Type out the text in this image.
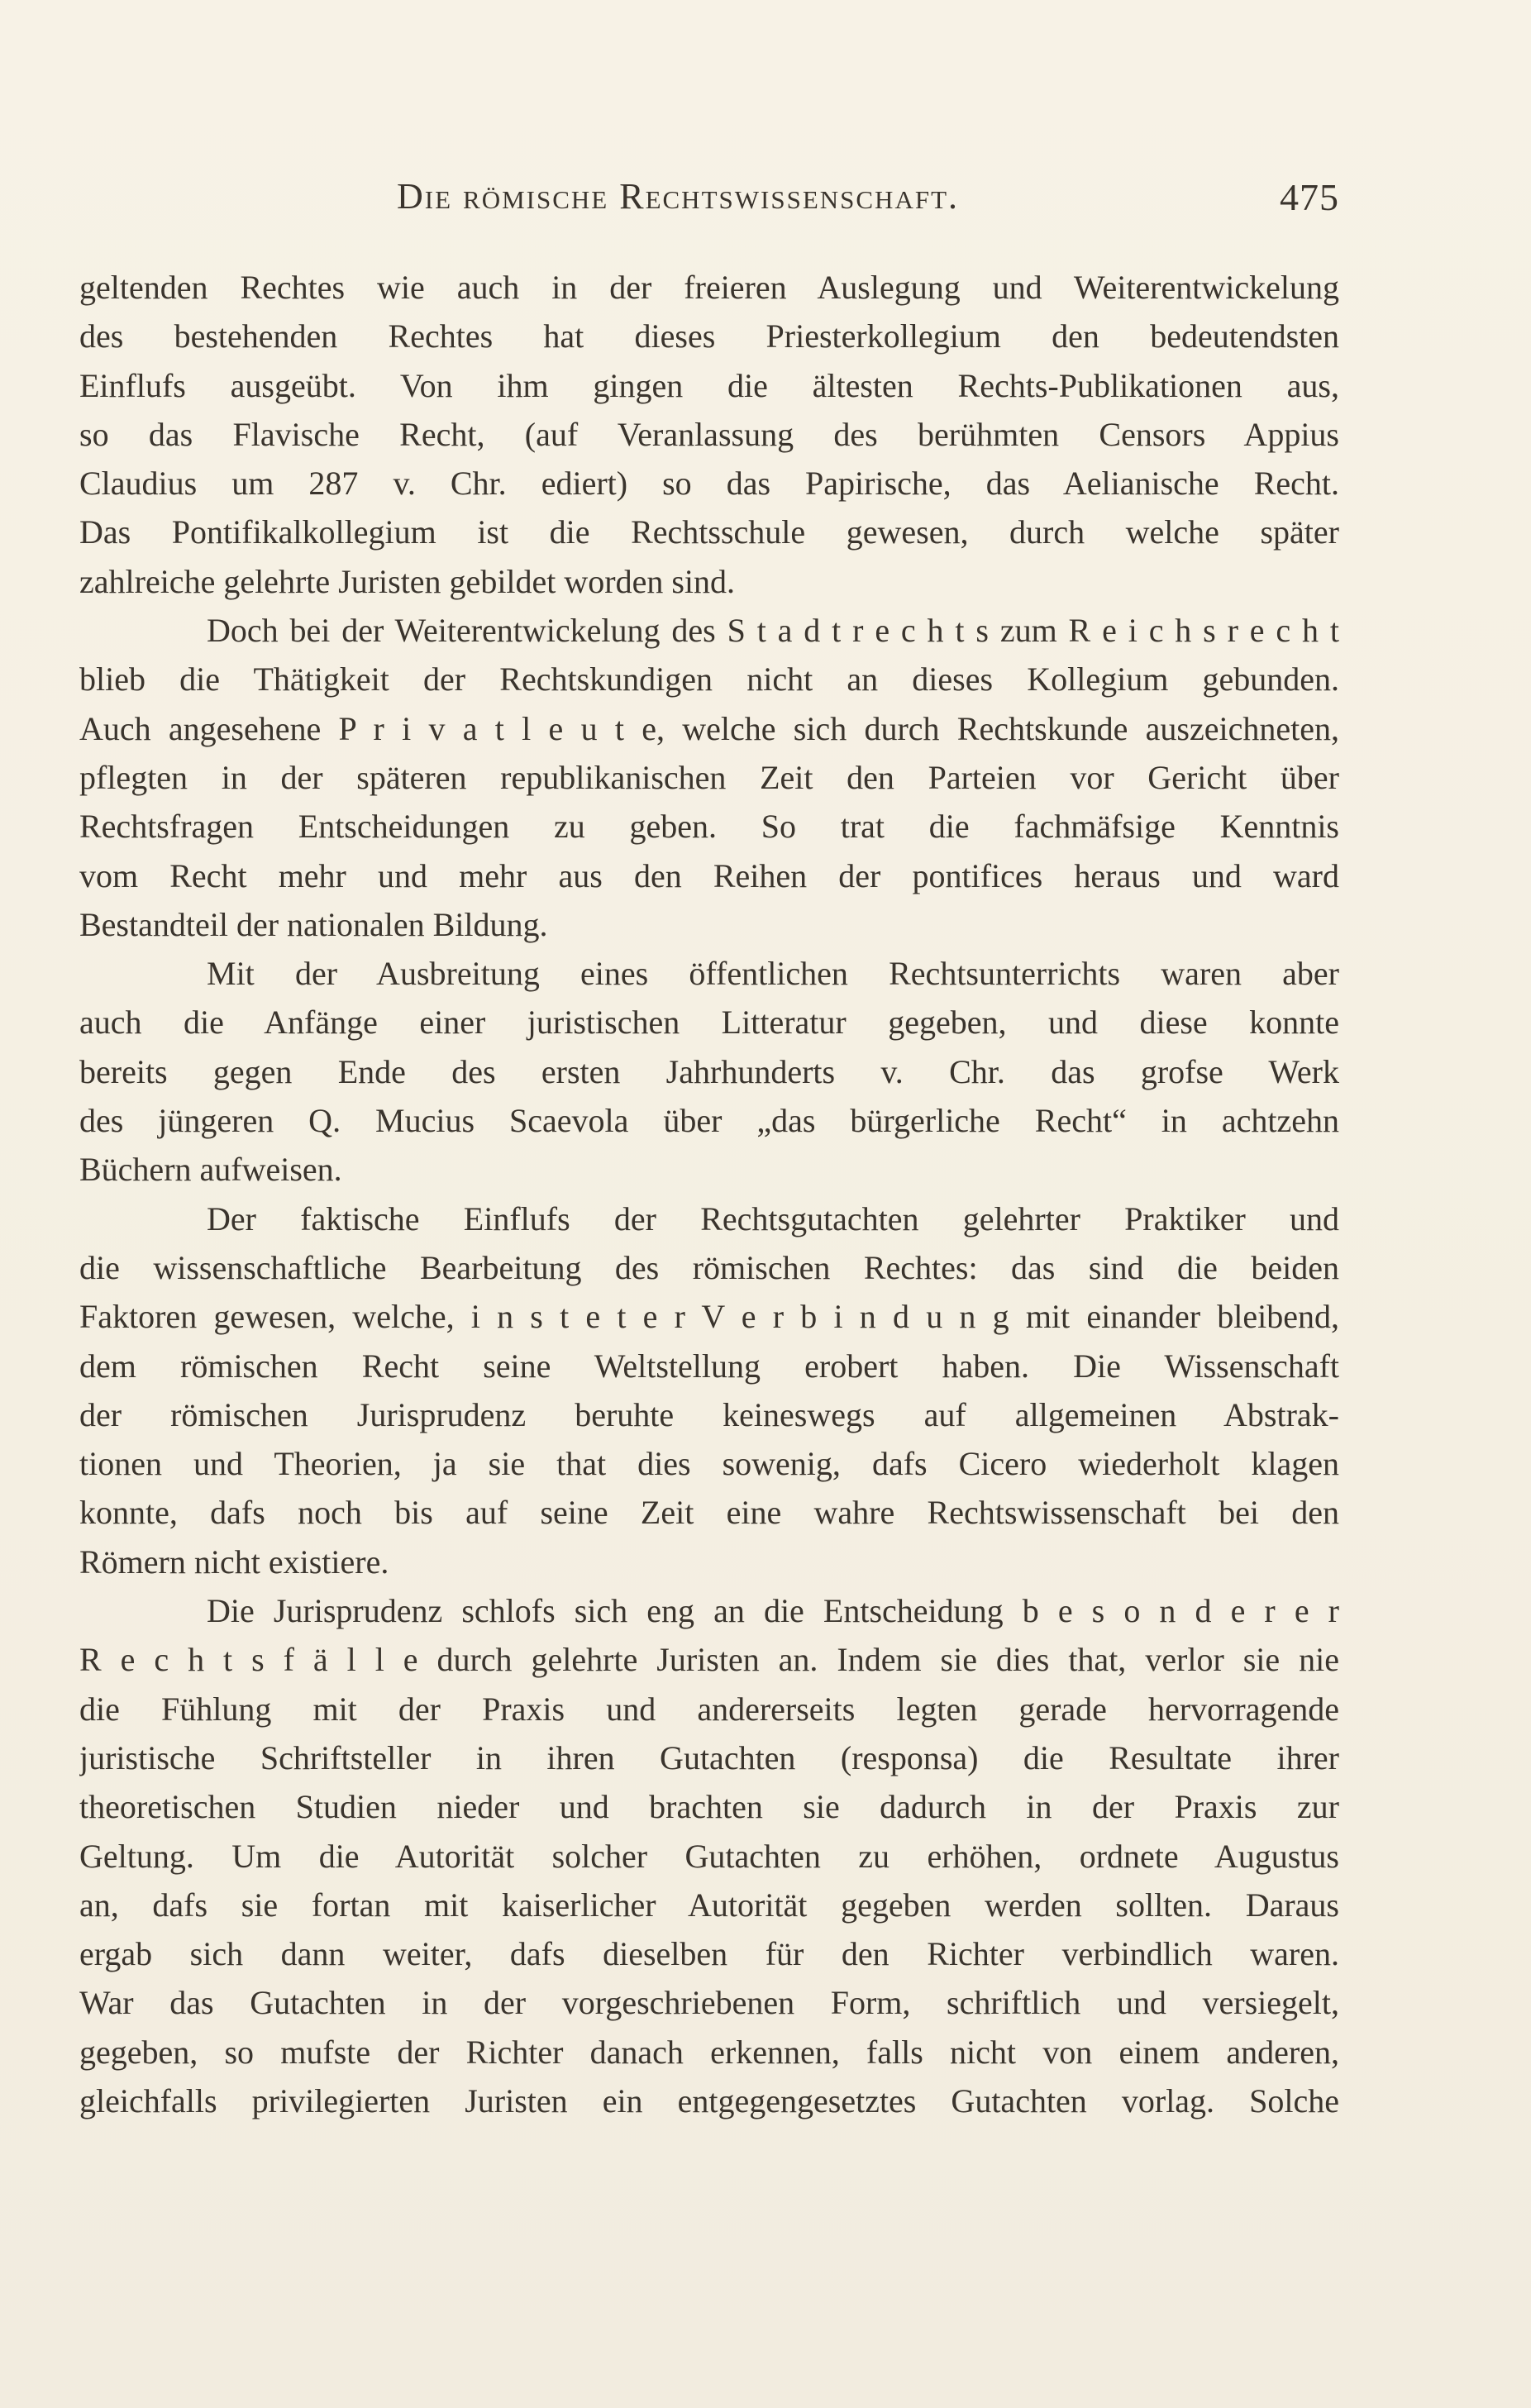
Die römische Rechtswissenschaft.	475
geltenden Rechtes wie auch in der freieren Auslegung und Weiterentwickelung
des bestehenden Rechtes hat dieses Priesterkollegium den bedeutendsten
Einflufs ausgeübt. Von ihm gingen die ältesten Rechts-Publikationen aus,
so das Flavische Recht, (auf Veranlassung des berühmten Censors Appius
Claudius um 287 v. Chr. ediert) so das Papirische, das Aelianische Recht.
Das Pontifikalkollegium ist die Rechtsschule gewesen, durch welche später
zahlreiche gelehrte Juristen gebildet worden sind.
Doch bei der Weiterentwickelung des S t a d t r e c h t s zum R e i c h s r e c h t
blieb die Thätigkeit der Rechtskundigen nicht an dieses Kollegium gebunden.
Auch angesehene P r i v a t l e u t e, welche sich durch Rechtskunde auszeichneten,
pflegten in der späteren republikanischen Zeit den Parteien vor Gericht über
Rechtsfragen Entscheidungen zu geben. So trat die fachmäfsige Kenntnis
vom Recht mehr und mehr aus den Reihen der pontifices heraus und ward
Bestandteil der nationalen Bildung.
Mit der Ausbreitung eines öffentlichen Rechtsunterrichts waren aber
auch die Anfänge einer juristischen Litteratur gegeben, und diese konnte
bereits gegen Ende des ersten Jahrhunderts v. Chr. das grofse Werk
des jüngeren Q. Mucius Scaevola über „das bürgerliche Recht“ in achtzehn
Büchern aufweisen.
Der faktische Einflufs der Rechtsgutachten gelehrter Praktiker und
die wissenschaftliche Bearbeitung des römischen Rechtes: das sind die beiden
Faktoren gewesen, welche, i n s t e t e r V e r b i n d u n g mit einander bleibend,
dem römischen Recht seine Weltstellung erobert haben. Die Wissenschaft
der römischen Jurisprudenz beruhte keineswegs auf allgemeinen Abstrak-
tionen und Theorien, ja sie that dies sowenig, dafs Cicero wiederholt klagen
konnte, dafs noch bis auf seine Zeit eine wahre Rechtswissenschaft bei den
Römern nicht existiere.
Die Jurisprudenz schlofs sich eng an die Entscheidung b e s o n d e r e r
R e c h t s f ä l l e durch gelehrte Juristen an. Indem sie dies that, verlor sie nie
die Fühlung mit der Praxis und andererseits legten gerade hervorragende
juristische Schriftsteller in ihren Gutachten (responsa) die Resultate ihrer
theoretischen Studien nieder und brachten sie dadurch in der Praxis zur
Geltung. Um die Autorität solcher Gutachten zu erhöhen, ordnete Augustus
an, dafs sie fortan mit kaiserlicher Autorität gegeben werden sollten. Daraus
ergab sich dann weiter, dafs dieselben für den Richter verbindlich waren.
War das Gutachten in der vorgeschriebenen Form, schriftlich und versiegelt,
gegeben, so mufste der Richter danach erkennen, falls nicht von einem anderen,
gleichfalls privilegierten Juristen ein entgegengesetztes Gutachten vorlag. Solche
